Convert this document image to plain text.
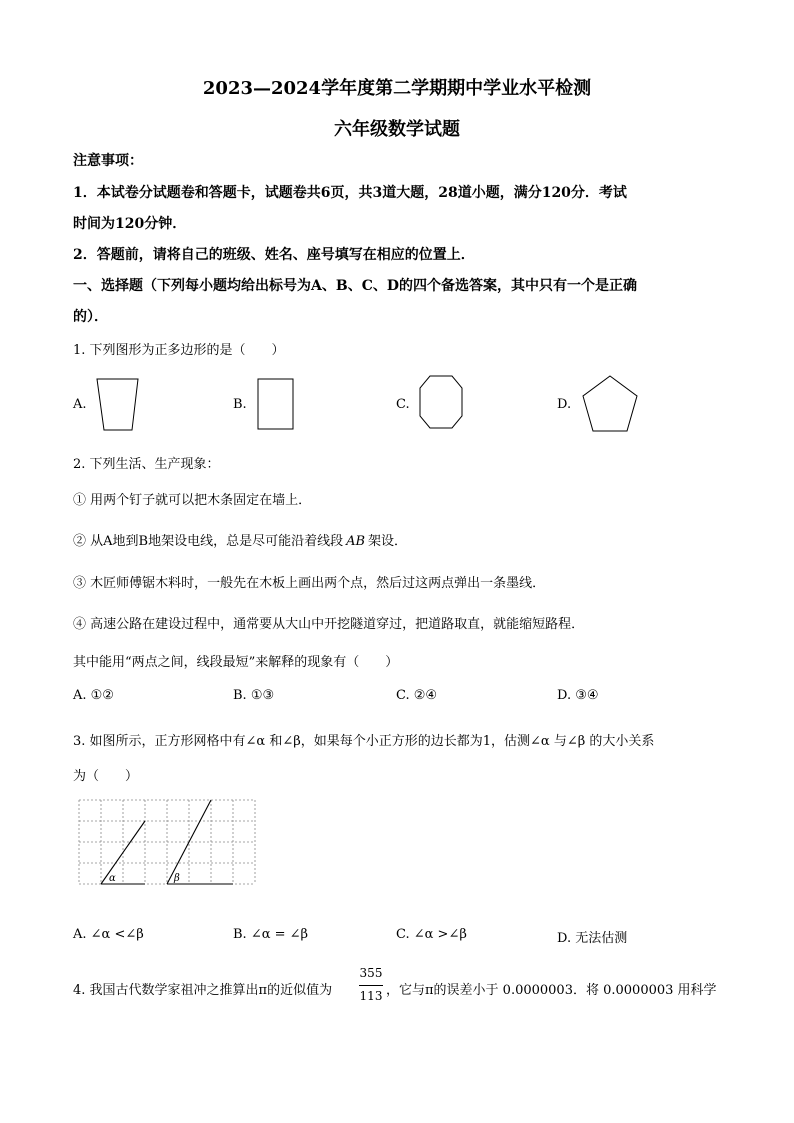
2023—2024学年度第二学期期中学业水平检测
六年级数学试题
注意事项：
1．本试卷分试题卷和答题卡，试题卷共6页，共3道大题，28道小题，满分120分．考试
时间为120分钟．
2．答题前，请将自己的班级、姓名、座号填写在相应的位置上．
一、选择题（下列每小题均给出标号为A、B、C、D的四个备选答案，其中只有一个是正确
的）．
1. 下列图形为正多边形的是（　　）
A.	B.	C.	D.
2. 下列生活、生产现象：
① 用两个钉子就可以把木条固定在墙上．
② 从A地到B地架设电线，总是尽可能沿着线段 AB 架设．
③ 木匠师傅锯木料时，一般先在木板上画出两个点，然后过这两点弹出一条墨线．
④ 高速公路在建设过程中，通常要从大山中开挖隧道穿过，把道路取直，就能缩短路程．
其中能用“两点之间，线段最短”来解释的现象有（　　）
A. ①②	B. ①③	C. ②④	D. ③④
3. 如图所示，正方形网格中有∠α 和∠β，如果每个小正方形的边长都为1，估测∠α 与∠β 的大小关系
为（　　）
α	β
A. ∠α <∠β	B. ∠α = ∠β	C. ∠α >∠β	D. 无法估测
4. 我国古代数学家祖冲之推算出π的近似值为
355
113 ，它与π的误差小于 0.0000003．将 0.0000003 用科学
